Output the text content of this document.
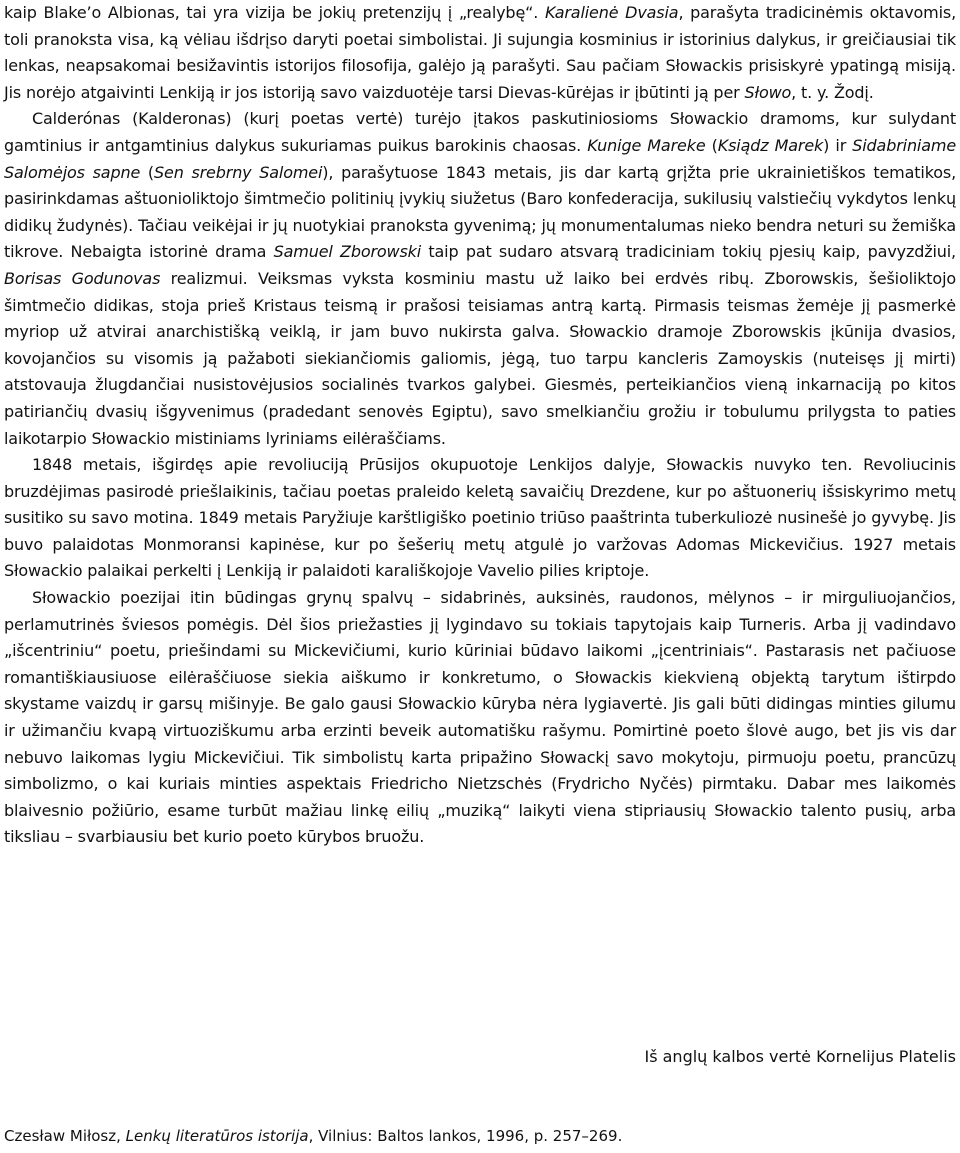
kaip Blake’o Albionas, tai yra vizija be jokių pretenzijų į „realybę“. Karalienė Dvasia, parašyta tradicinėmis oktavomis, toli pranoksta visa, ką vėliau išdrįso daryti poetai simbolistai. Ji sujungia kosminius ir istorinius dalykus, ir greičiausiai tik lenkas, neapsakomai besižavintis istorijos filosofija, galėjo ją parašyti. Sau pačiam Słowackis prisiskyrė ypatingą misiją. Jis norėjo atgaivinti Lenkiją ir jos istoriją savo vaizduotėje tarsi Dievas-kūrėjas ir įbūtinti ją per Słowo, t. y. Žodį.

Calderónas (Kalderonas) (kurį poetas vertė) turėjo įtakos paskutiniosioms Słowackio dramoms, kur sulydant gamtinius ir antgamtinius dalykus sukuriamas puikus barokinis chaosas. Kunige Mareke (Ksiądz Marek) ir Sidabriniame Salomėjos sapne (Sen srebrny Salomei), parašytuose 1843 metais, jis dar kartą grįžta prie ukrainietiškos tematikos, pasirinkdamas aštuonioliktojo šimtmečio politinių įvykių siužetus (Baro konfederacija, sukilusių valstiečių vykdytos lenkų didikų žudynės). Tačiau veikėjai ir jų nuotykiai pranoksta gyvenimą; jų monumentalumas nieko bendra neturi su žemiška tikrove. Nebaigta istorinė drama Samuel Zborowski taip pat sudaro atsvarą tradiciniam tokių pjesių kaip, pavyzdžiui, Borisas Godunovas realizmui. Veiksmas vyksta kosminiu mastu už laiko bei erdvės ribų. Zborowskis, šešioliktojo šimtmečio didikas, stoja prieš Kristaus teismą ir prašosi teisiamas antrą kartą. Pirmasis teismas žemėje jį pasmerkė myriop už atvirai anarchistišką veiklą, ir jam buvo nukirsta galva. Słowackio dramoje Zborowskis įkūnija dvasios, kovojančios su visomis ją pažaboti siekiančiomis galiomis, jėgą, tuo tarpu kancleris Zamoyskis (nuteisęs jį mirti) atstovauja žlugdančiai nusistovėjusios socialinės tvarkos galybei. Giesmės, perteikiančios vieną inkarnaciją po kitos patiriančių dvasių išgyvenimus (pradedant senovės Egiptu), savo smelkiančiu grožiu ir tobulumu prilygsta to paties laikotarpio Słowackio mistiniams lyriniams eilėraščiams.

1848 metais, išgirdęs apie revoliuciją Prūsijos okupuotoje Lenkijos dalyje, Słowackis nuvyko ten. Revoliucinis bruzdėjimas pasirodė priešlaikinis, tačiau poetas praleido keletą savaičių Drezdene, kur po aštuonerių išsiskyrimo metų susitiko su savo motina. 1849 metais Paryžiuje karštligiško poetinio triūso paaštrinta tuberkuliozė nusinešė jo gyvybę. Jis buvo palaidotas Monmoransi kapinėse, kur po šešerių metų atgulė jo varžovas Adomas Mickevičius. 1927 metais Słowackio palaikai perkelti į Lenkiją ir palaidoti karališkojoje Vavelio pilies kriptoje.

Słowackio poezijai itin būdingas grynų spalvų – sidabrinės, auksinės, raudonos, mėlynos – ir mirguliuojančios, perlamutrinės šviesos pomėgis. Dėl šios priežasties jį lygindavo su tokiais tapytojais kaip Turneris. Arba jį vadindavo „išcentriniu“ poetu, priešindami su Mickevičiumi, kurio kūriniai būdavo laikomi „įcentriniais“. Pastarasis net pačiuose romantiškiausiuose eilėraščiuose siekia aiškumo ir konkretumo, o Słowackis kiekvieną objektą tarytum ištirpdo skystame vaizdų ir garsų mišinyje. Be galo gausi Słowackio kūryba nėra lygiavertė. Jis gali būti didingas minties gilumu ir užimančiu kvapą virtuoziškumu arba erzinti beveik automatišku rašymu. Pomirtinė poeto šlovė augo, bet jis vis dar nebuvo laikomas lygiu Mickevičiui. Tik simbolistų karta pripažino Słowackį savo mokytoju, pirmuoju poetu, prancūzų simbolizmo, o kai kuriais minties aspektais Friedricho Nietzschės (Frydricho Nyčės) pirmtaku. Dabar mes laikomės blaivesnio požiūrio, esame turbūt mažiau linkę eilių „muziką“ laikyti viena stipriausių Słowackio talento pusių, arba tiksliau – svarbiausiu bet kurio poeto kūrybos bruožu.

Iš anglų kalbos vertė Kornelijus Platelis
Czesław Miłosz, Lenkų literatūros istorija, Vilnius: Baltos lankos, 1996, p. 257–269.
